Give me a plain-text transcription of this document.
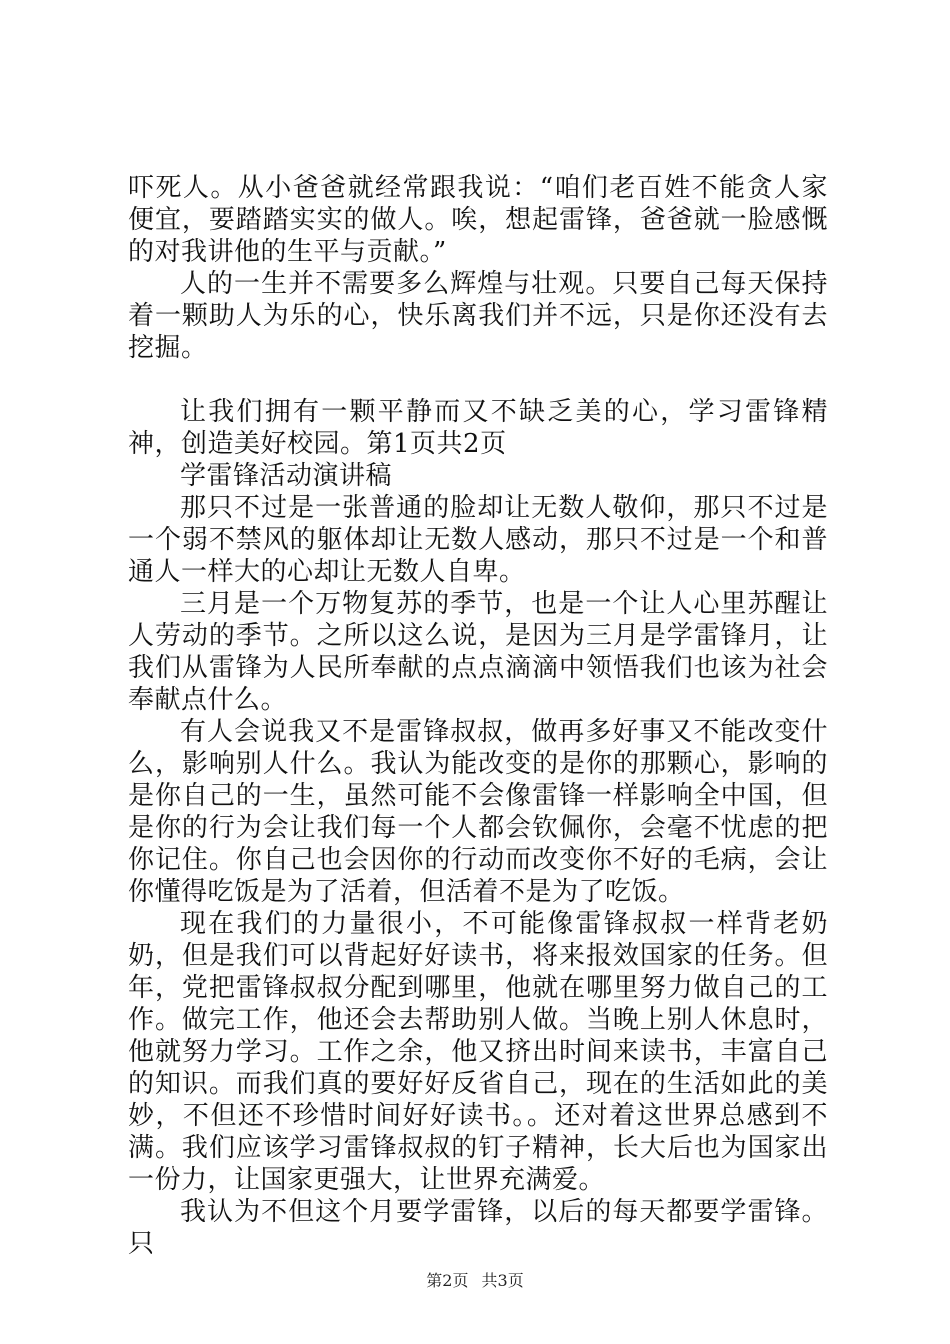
吓死人。从小爸爸就经常跟我说：“咱们老百姓不能贪人家便宜，要踏踏实实的做人。唉，想起雷锋，爸爸就一脸感慨的对我讲他的生平与贡献。”

人的一生并不需要多么辉煌与壮观。只要自己每天保持着一颗助人为乐的心，快乐离我们并不远，只是你还没有去挖掘。

让我们拥有一颗平静而又不缺乏美的心，学习雷锋精神，创造美好校园。第1页共2页

学雷锋活动演讲稿

那只不过是一张普通的脸却让无数人敬仰，那只不过是一个弱不禁风的躯体却让无数人感动，那只不过是一个和普通人一样大的心却让无数人自卑。

三月是一个万物复苏的季节，也是一个让人心里苏醒让人劳动的季节。之所以这么说，是因为三月是学雷锋月，让我们从雷锋为人民所奉献的点点滴滴中领悟我们也该为社会奉献点什么。

有人会说我又不是雷锋叔叔，做再多好事又不能改变什么，影响别人什么。我认为能改变的是你的那颗心，影响的是你自己的一生，虽然可能不会像雷锋一样影响全中国，但是你的行为会让我们每一个人都会钦佩你，会毫不忧虑的把你记住。你自己也会因你的行动而改变你不好的毛病，会让你懂得吃饭是为了活着，但活着不是为了吃饭。

现在我们的力量很小，不可能像雷锋叔叔一样背老奶奶，但是我们可以背起好好读书，将来报效国家的任务。但年，党把雷锋叔叔分配到哪里，他就在哪里努力做自己的工作。做完工作，他还会去帮助别人做。当晚上别人休息时，他就努力学习。工作之余，他又挤出时间来读书，丰富自己的知识。而我们真的要好好反省自己，现在的生活如此的美妙，不但还不珍惜时间好好读书。。还对着这世界总感到不满。我们应该学习雷锋叔叔的钉子精神，长大后也为国家出一份力，让国家更强大，让世界充满爱。

我认为不但这个月要学雷锋，以后的每天都要学雷锋。只

第2页 共3页
